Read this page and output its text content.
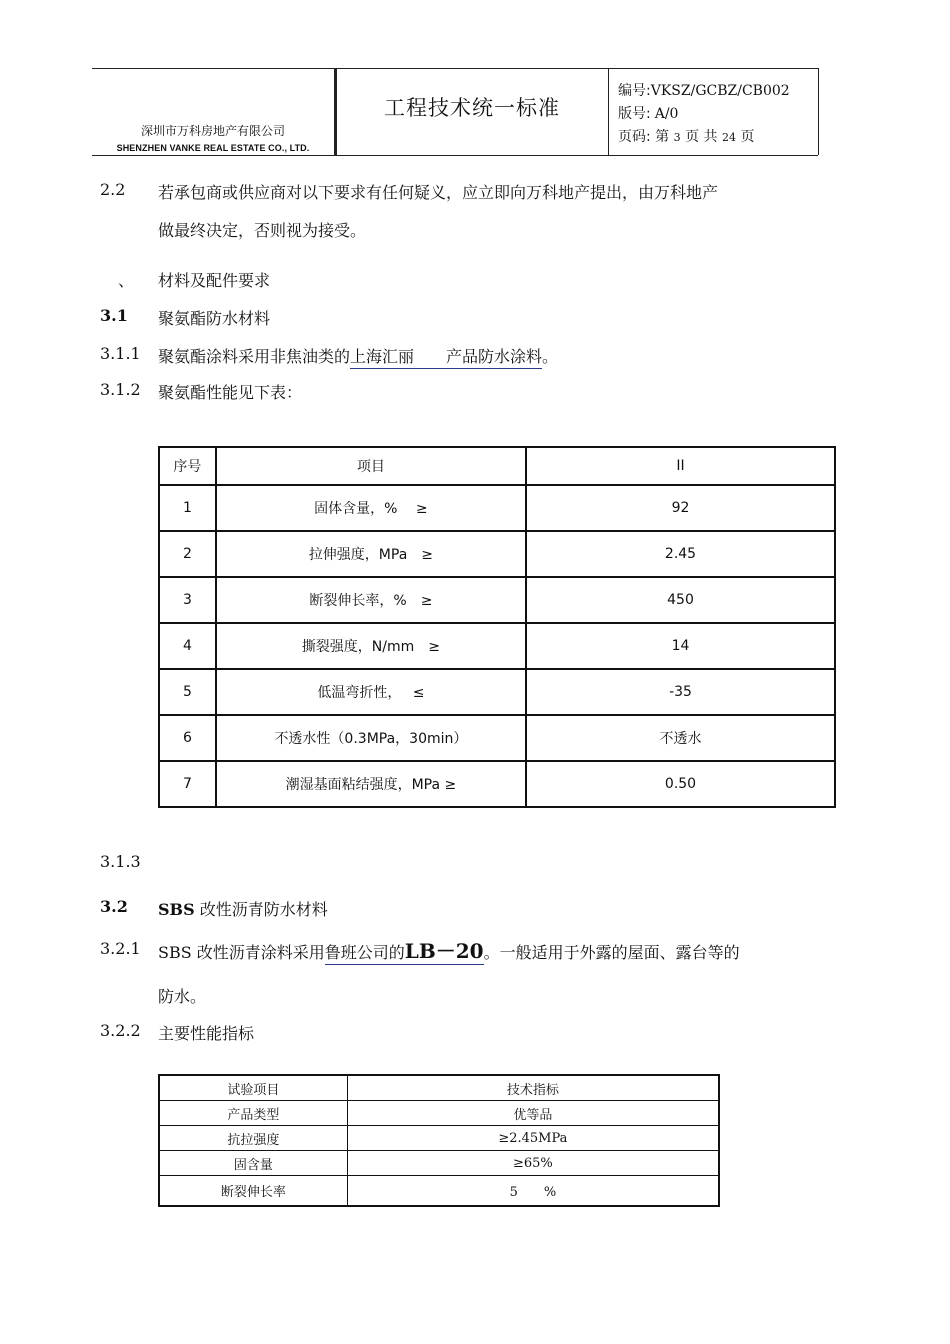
深圳市万科房地产有限公司
SHENZHEN VANKE REAL ESTATE CO., LTD.
工程技术统一标准
编号:VKSZ/GCBZ/CB002
版号: A/0
页码: 第 3 页 共 24 页
2.2 若承包商或供应商对以下要求有任何疑义，应立即向万科地产提出，由万科地产
做最终决定，否则视为接受。
、 材料及配件要求
3.1 聚氨酯防水材料
3.1.1 聚氨酯涂料采用非焦油类的上海汇丽　　产品防水涂料。
3.1.2 聚氨酯性能见下表：
序号	项目	II
1	固体含量，%　 ≥	92
2	拉伸强度，MPa　≥	2.45
3	断裂伸长率，%　≥	450
4	撕裂强度，N/mm　≥	14
5	低温弯折性，　 ≤	-35
6	不透水性（0.3MPa，30min）	不透水
7	潮湿基面粘结强度，MPa ≥	0.50
3.1.3
3.2 SBS 改性沥青防水材料
3.2.1 SBS 改性沥青涂料采用鲁班公司的LB－20。一般适用于外露的屋面、露台等的
防水。
3.2.2 主要性能指标
试验项目	技术指标
产品类型	优等品
抗拉强度	≥2.45MPa
固含量	≥65%
断裂伸长率	5　　%
